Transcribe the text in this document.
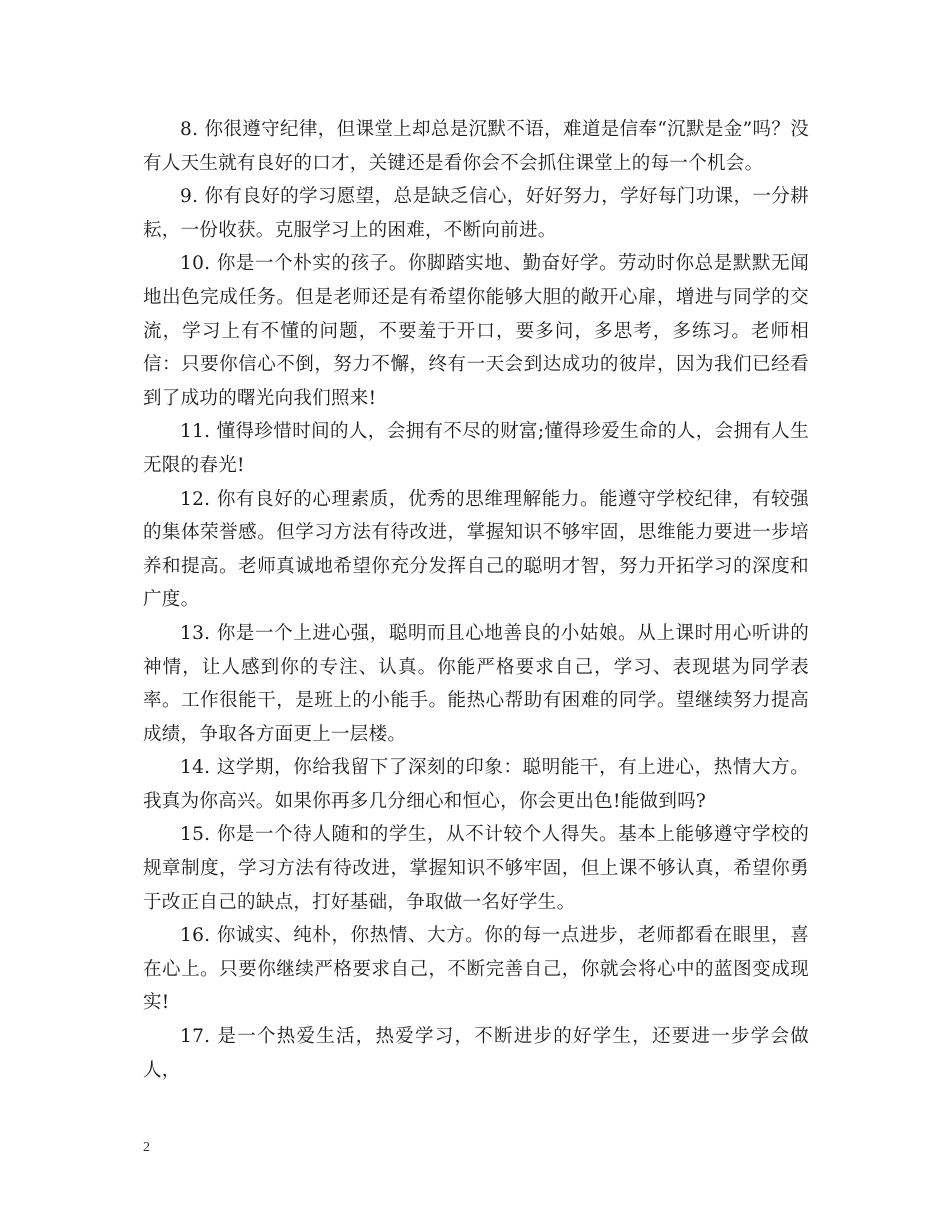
8. 你很遵守纪律，但课堂上却总是沉默不语，难道是信奉“沉默是金”吗？没有人天生就有良好的口才，关键还是看你会不会抓住课堂上的每一个机会。

9. 你有良好的学习愿望，总是缺乏信心，好好努力，学好每门功课，一分耕耘，一份收获。克服学习上的困难，不断向前进。

10. 你是一个朴实的孩子。你脚踏实地、勤奋好学。劳动时你总是默默无闻地出色完成任务。但是老师还是有希望你能够大胆的敞开心扉，增进与同学的交流，学习上有不懂的问题，不要羞于开口，要多问，多思考，多练习。老师相信：只要你信心不倒，努力不懈，终有一天会到达成功的彼岸，因为我们已经看到了成功的曙光向我们照来!

11. 懂得珍惜时间的人，会拥有不尽的财富;懂得珍爱生命的人，会拥有人生无限的春光!

12. 你有良好的心理素质，优秀的思维理解能力。能遵守学校纪律，有较强的集体荣誉感。但学习方法有待改进，掌握知识不够牢固，思维能力要进一步培养和提高。老师真诚地希望你充分发挥自己的聪明才智，努力开拓学习的深度和广度。

13. 你是一个上进心强，聪明而且心地善良的小姑娘。从上课时用心听讲的神情，让人感到你的专注、认真。你能严格要求自己，学习、表现堪为同学表率。工作很能干，是班上的小能手。能热心帮助有困难的同学。望继续努力提高成绩，争取各方面更上一层楼。

14. 这学期，你给我留下了深刻的印象：聪明能干，有上进心，热情大方。我真为你高兴。如果你再多几分细心和恒心，你会更出色!能做到吗?

15. 你是一个待人随和的学生，从不计较个人得失。基本上能够遵守学校的规章制度，学习方法有待改进，掌握知识不够牢固，但上课不够认真，希望你勇于改正自己的缺点，打好基础，争取做一名好学生。

16. 你诚实、纯朴，你热情、大方。你的每一点进步，老师都看在眼里，喜在心上。只要你继续严格要求自己，不断完善自己，你就会将心中的蓝图变成现实!

17. 是一个热爱生活，热爱学习，不断进步的好学生，还要进一步学会做人，

2
